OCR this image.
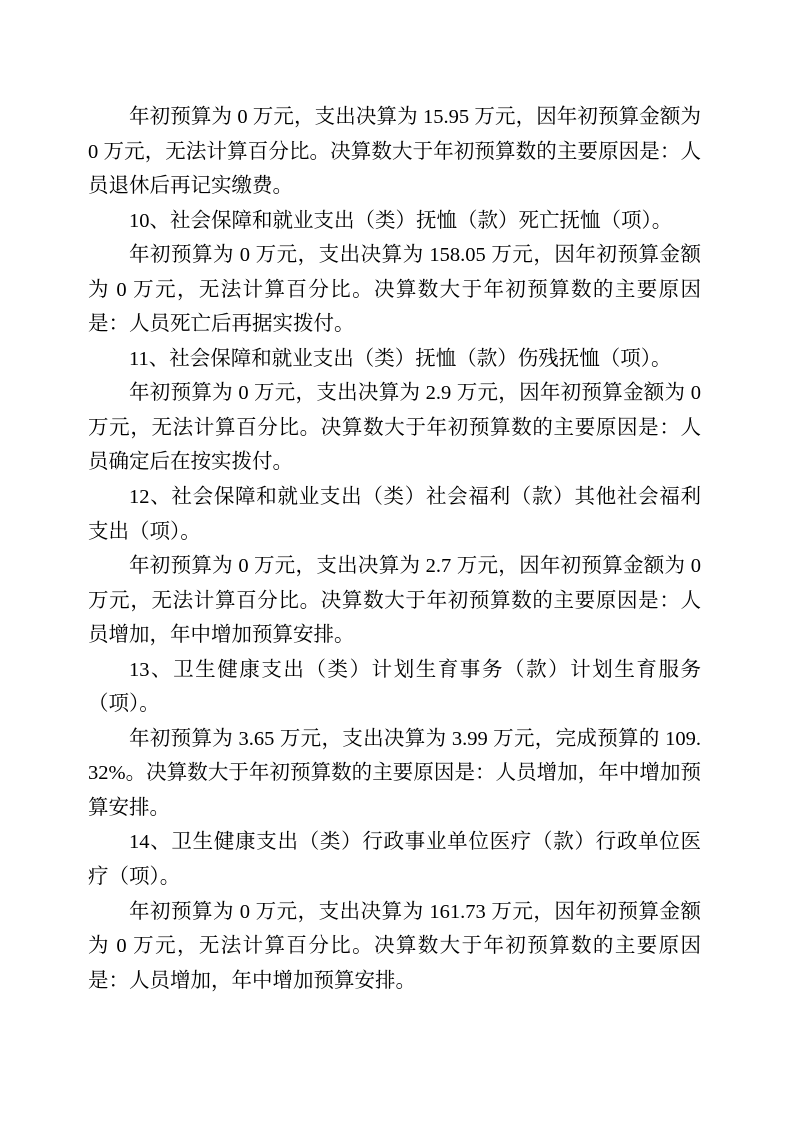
年初预算为 0 万元，支出决算为 15.95 万元，因年初预算金额为 0 万元，无法计算百分比。决算数大于年初预算数的主要原因是：人员退休后再记实缴费。

10、社会保障和就业支出（类）抚恤（款）死亡抚恤（项）。

年初预算为 0 万元，支出决算为 158.05 万元，因年初预算金额为 0 万元，无法计算百分比。决算数大于年初预算数的主要原因是：人员死亡后再据实拨付。

11、社会保障和就业支出（类）抚恤（款）伤残抚恤（项）。

年初预算为 0 万元，支出决算为 2.9 万元，因年初预算金额为 0 万元，无法计算百分比。决算数大于年初预算数的主要原因是：人员确定后在按实拨付。

12、社会保障和就业支出（类）社会福利（款）其他社会福利支出（项）。

年初预算为 0 万元，支出决算为 2.7 万元，因年初预算金额为 0 万元，无法计算百分比。决算数大于年初预算数的主要原因是：人员增加，年中增加预算安排。

13、卫生健康支出（类）计划生育事务（款）计划生育服务（项）。

年初预算为 3.65 万元，支出决算为 3.99 万元，完成预算的 109.32%。决算数大于年初预算数的主要原因是：人员增加，年中增加预算安排。

14、卫生健康支出（类）行政事业单位医疗（款）行政单位医疗（项）。

年初预算为 0 万元，支出决算为 161.73 万元，因年初预算金额为 0 万元，无法计算百分比。决算数大于年初预算数的主要原因是：人员增加，年中增加预算安排。
